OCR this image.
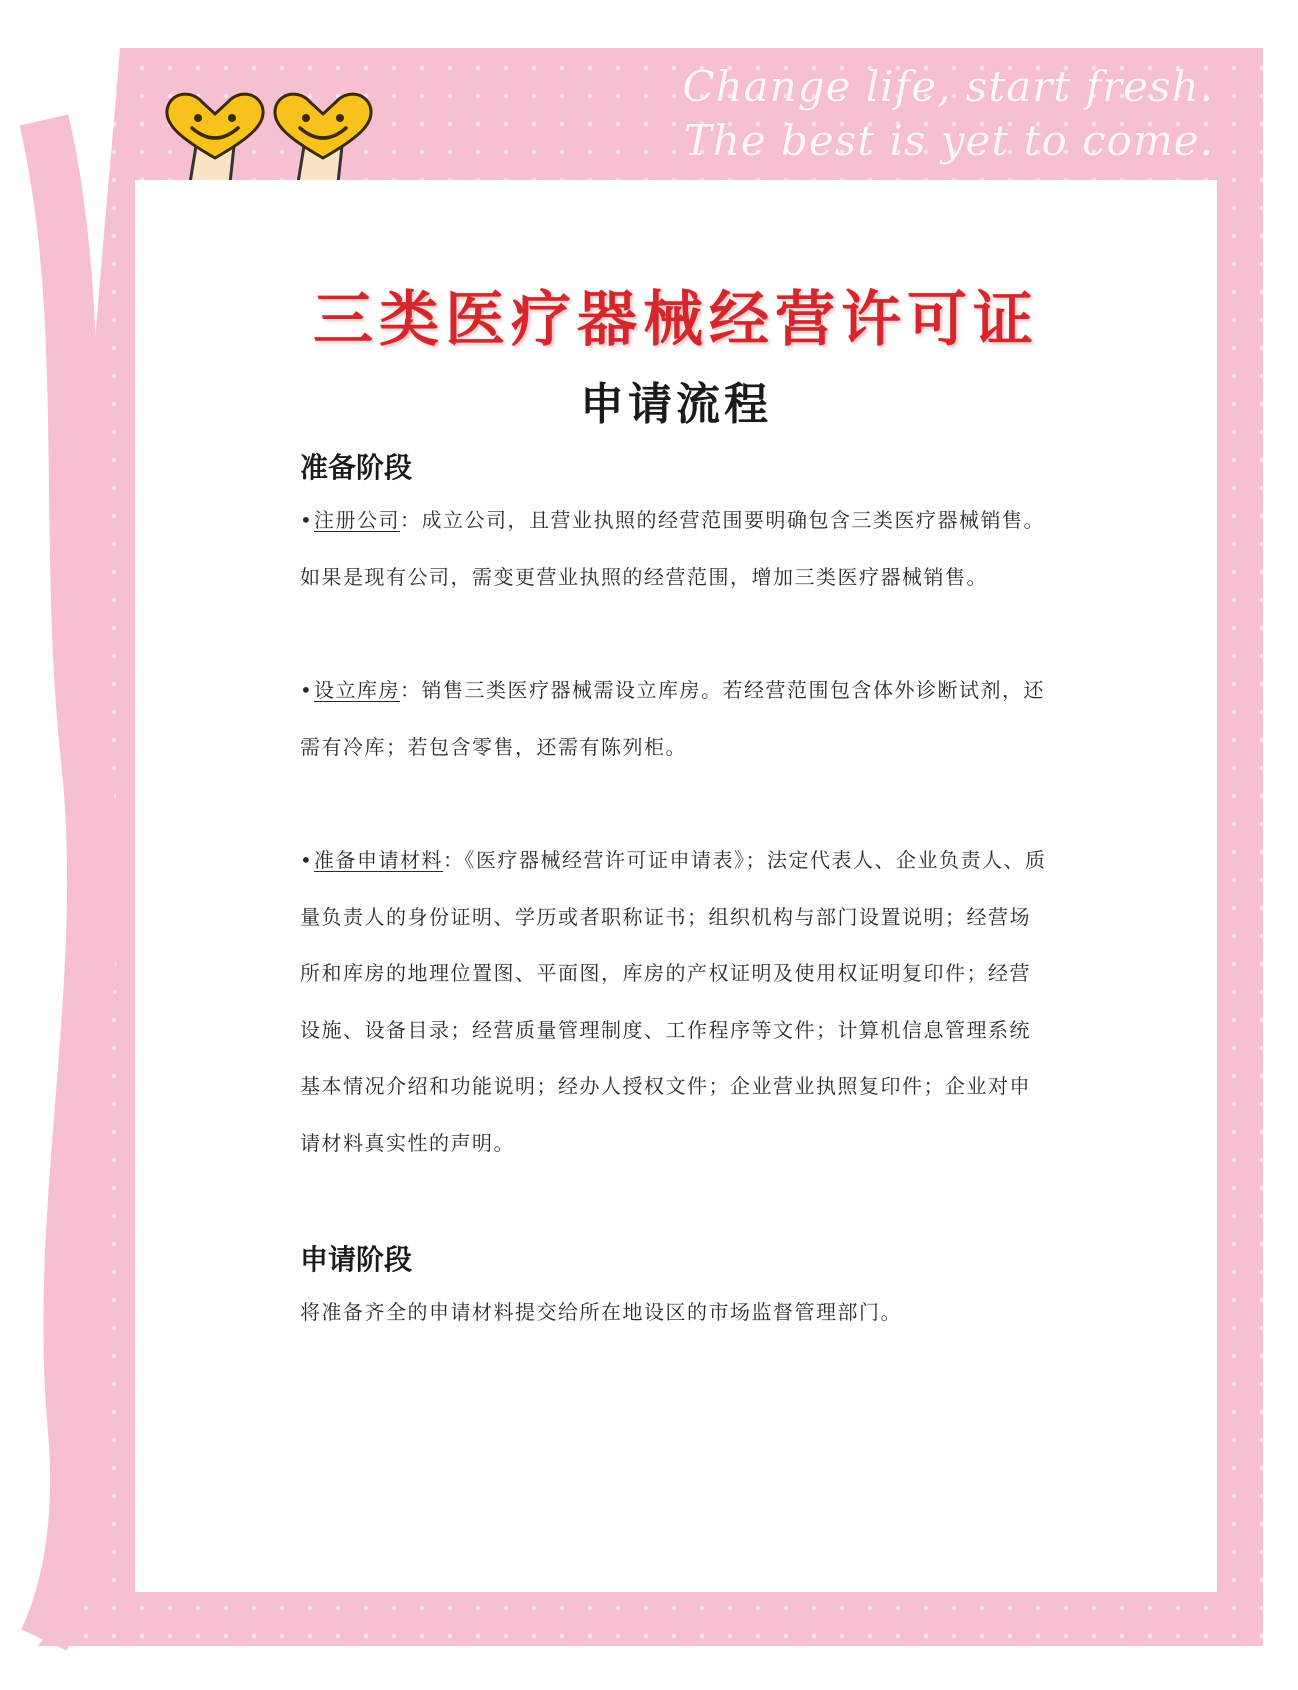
Change life, start fresh.
The best is yet to come.
三类医疗器械经营许可证
申请流程
准备阶段

•注册公司：成立公司，且营业执照的经营范围要明确包含三类医疗器械销售。如果是现有公司，需变更营业执照的经营范围，增加三类医疗器械销售。

•设立库房：销售三类医疗器械需设立库房。若经营范围包含体外诊断试剂，还需有冷库；若包含零售，还需有陈列柜。

•准备申请材料：《医疗器械经营许可证申请表》；法定代表人、企业负责人、质量负责人的身份证明、学历或者职称证书；组织机构与部门设置说明；经营场所和库房的地理位置图、平面图，库房的产权证明及使用权证明复印件；经营设施、设备目录；经营质量管理制度、工作程序等文件；计算机信息管理系统基本情况介绍和功能说明；经办人授权文件；企业营业执照复印件；企业对申请材料真实性的声明。

申请阶段

将准备齐全的申请材料提交给所在地设区的市场监督管理部门。
